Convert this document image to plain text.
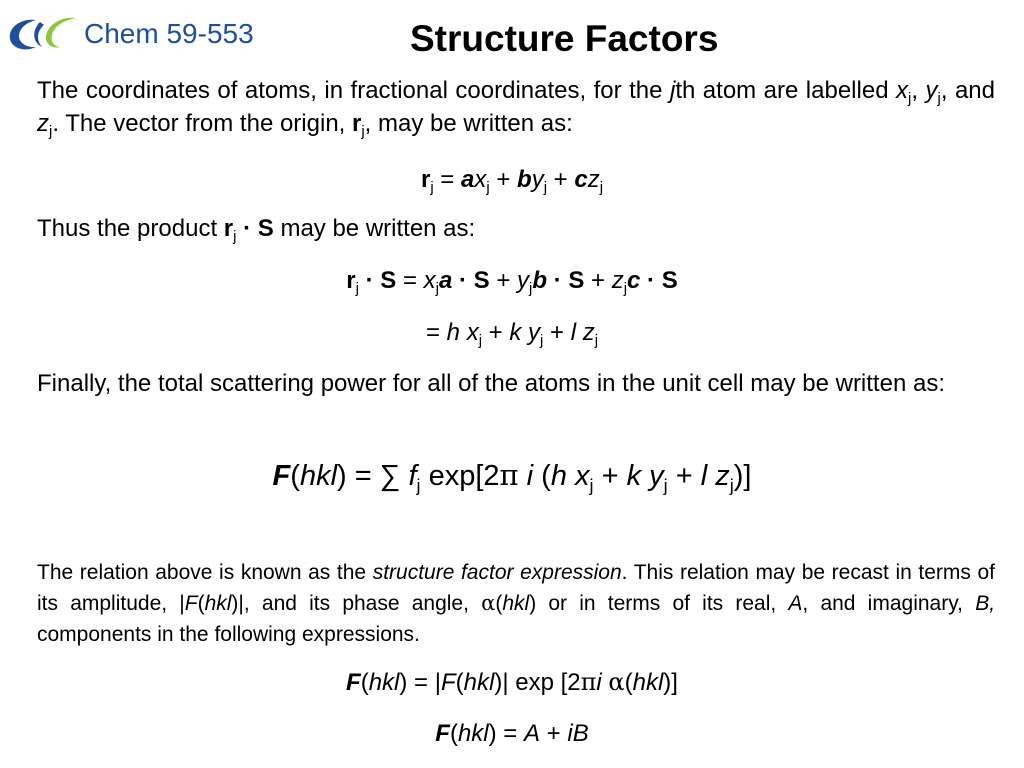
Chem 59-553	Structure Factors
The coordinates of atoms, in fractional coordinates, for the jth atom are labelled $x_j$, $y_j$, and $z_j$. The vector from the origin, $r_j$, may be written as:
$r_j = ax_j + by_j + cz_j$
Thus the product $r_j \cdot S$ may be written as:
$r_j \cdot S = x_ja \cdot S + y_jb \cdot S + z_jc \cdot S$
= h $x_j + k$ $y_j + l$ $z_j$
Finally, the total scattering power for all of the atoms in the unit cell may be written as:
F(hkl) = ∑ $f_j$ exp[2π i (h $x_j + k$ $y_j + l$ $z_j$)]
The relation above is known as the structure factor expression. This relation may be recast in terms of its amplitude, |F(hkl)|, and its phase angle, α(hkl) or in terms of its real, A, and imaginary, B, components in the following expressions.
F(hkl) = |F(hkl)| exp [2πi α(hkl)]
F(hkl) = A + iB
